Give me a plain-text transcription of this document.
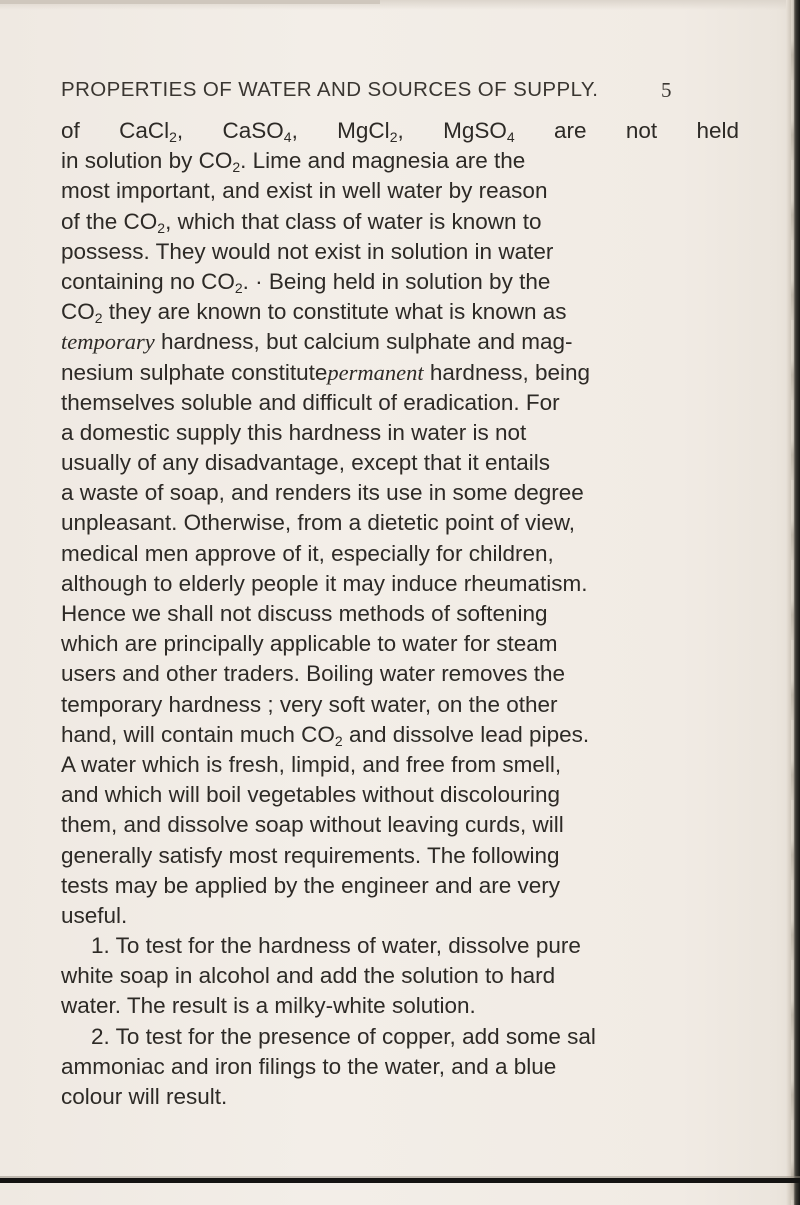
PROPERTIES OF WATER AND SOURCES OF SUPPLY.	5
of CaCl$_2$, CaSO$_4$, MgCl$_2$, MgSO$_4$ are not held
in solution by $CO_2$. Lime and magnesia are the
most important, and exist in well water by reason
of the $CO_2$, which that class of water is known to
possess. They would not exist in solution in water
containing no $CO_2$. · Being held in solution by the
$CO_2$ they are known to constitute what is known as
temporary hardness, but calcium sulphate and mag-
nesium sulphate constitutepermanent hardness, being
themselves soluble and difficult of eradication. For
a domestic supply this hardness in water is not
usually of any disadvantage, except that it entails
a waste of soap, and renders its use in some degree
unpleasant. Otherwise, from a dietetic point of view,
medical men approve of it, especially for children,
although to elderly people it may induce rheumatism.
Hence we shall not discuss methods of softening
which are principally applicable to water for steam
users and other traders. Boiling water removes the
temporary hardness ; very soft water, on the other
hand, will contain much $CO_2$ and dissolve lead pipes.
A water which is fresh, limpid, and free from smell,
and which will boil vegetables without discolouring
them, and dissolve soap without leaving curds, will
generally satisfy most requirements. The following
tests may be applied by the engineer and are very
useful.
1. To test for the hardness of water, dissolve pure
white soap in alcohol and add the solution to hard
water. The result is a milky-white solution.
2. To test for the presence of copper, add some sal
ammoniac and iron filings to the water, and a blue
colour will result.
